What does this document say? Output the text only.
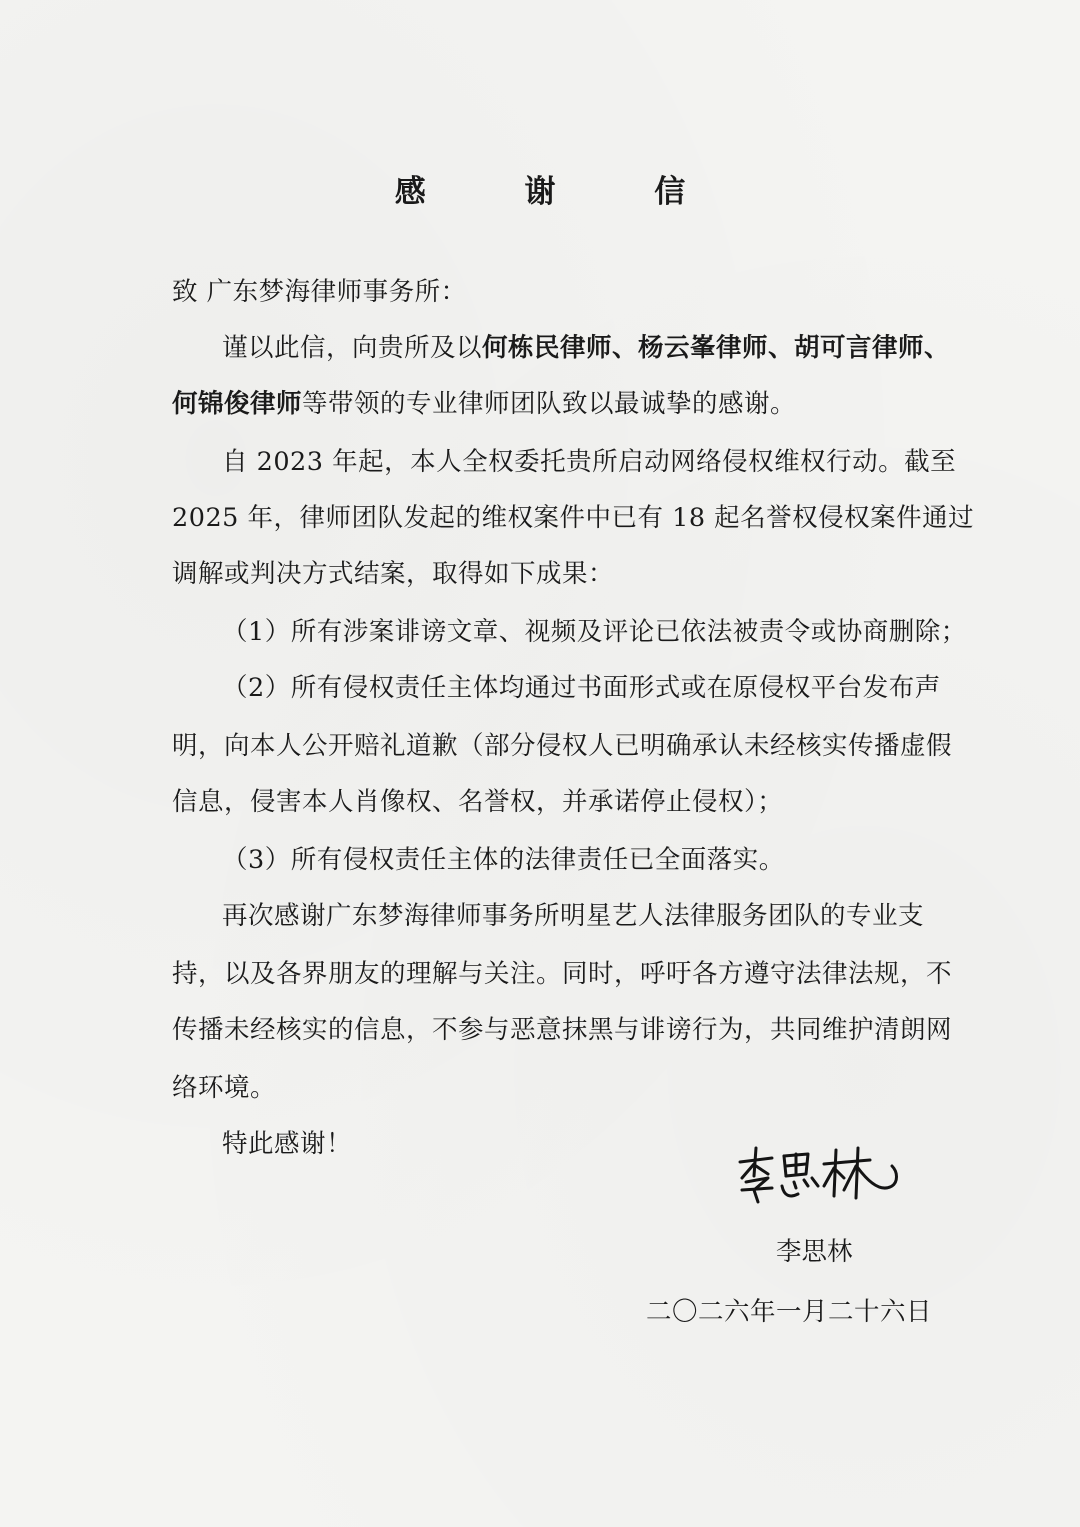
感 谢 信
致 广东梦海律师事务所：
谨以此信，向贵所及以何栋民律师、杨云峯律师、胡可言律师、
何锦俊律师等带领的专业律师团队致以最诚挚的感谢。
自 2023 年起，本人全权委托贵所启动网络侵权维权行动。截至
2025 年，律师团队发起的维权案件中已有 18 起名誉权侵权案件通过
调解或判决方式结案，取得如下成果：
（1）所有涉案诽谤文章、视频及评论已依法被责令或协商删除；
（2）所有侵权责任主体均通过书面形式或在原侵权平台发布声
明，向本人公开赔礼道歉（部分侵权人已明确承认未经核实传播虚假
信息，侵害本人肖像权、名誉权，并承诺停止侵权）；
（3）所有侵权责任主体的法律责任已全面落实。
再次感谢广东梦海律师事务所明星艺人法律服务团队的专业支
持，以及各界朋友的理解与关注。同时，呼吁各方遵守法律法规，不
传播未经核实的信息，不参与恶意抹黑与诽谤行为，共同维护清朗网
络环境。
特此感谢！
李思林
二〇二六年一月二十六日
